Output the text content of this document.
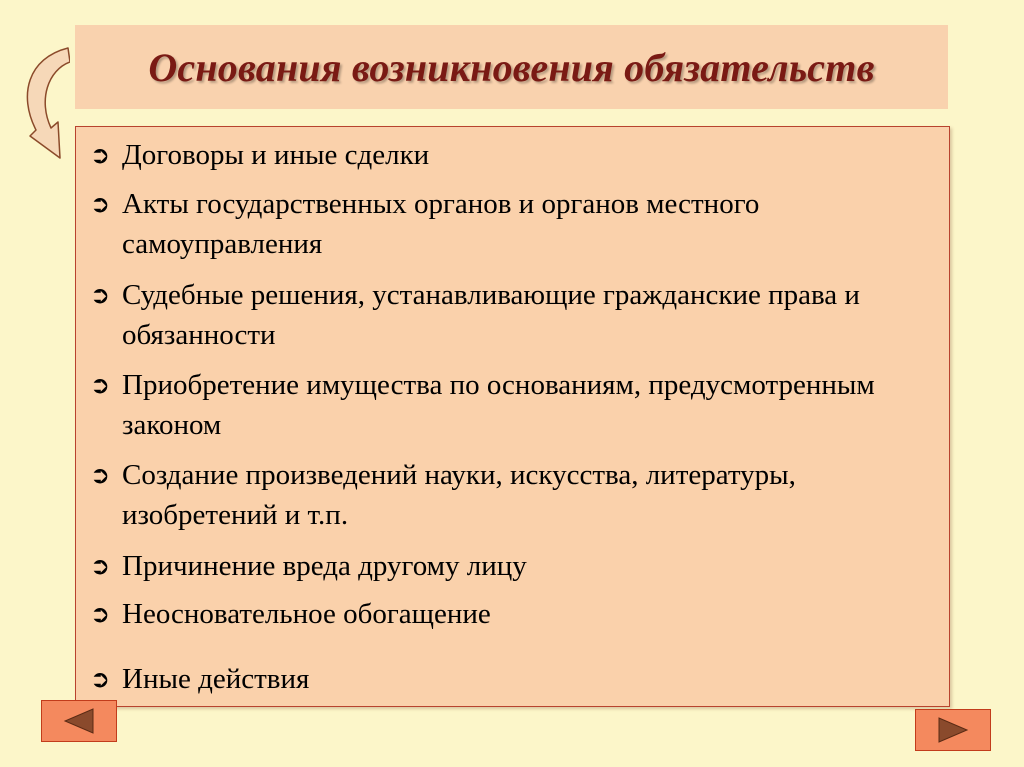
Основания возникновения обязательств
➲ Договоры и иные сделки
➲ Акты государственных органов и органов местного самоуправления
➲ Судебные решения, устанавливающие гражданские права и обязанности
➲ Приобретение имущества по основаниям, предусмотренным законом
➲ Создание произведений науки, искусства, литературы, изобретений и т.п.
➲ Причинение вреда другому лицу
➲ Неосновательное обогащение
➲ Иные действия
